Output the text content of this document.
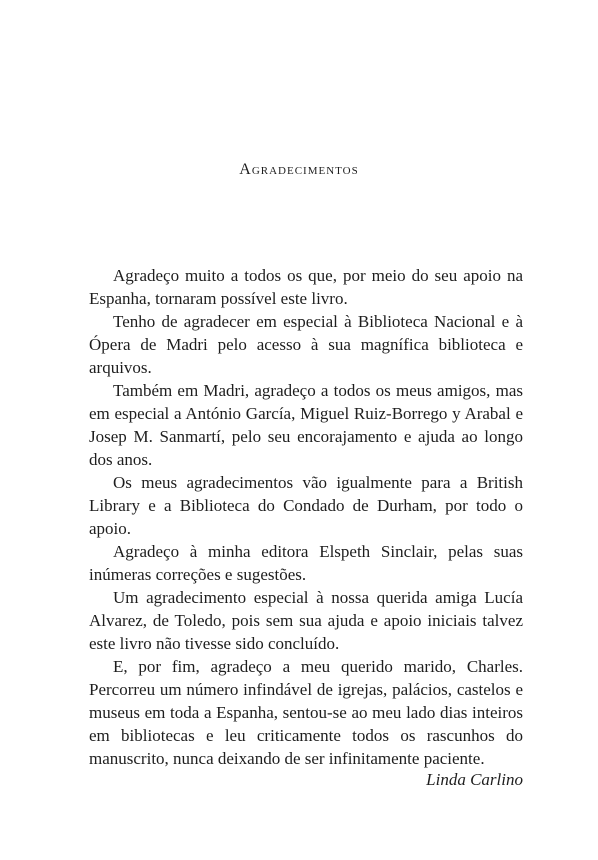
Agradecimentos

Agradeço muito a todos os que, por meio do seu apoio na Espanha, tornaram possível este livro.

Tenho de agradecer em especial à Biblioteca Nacional e à Ópera de Madri pelo acesso à sua magnífica biblioteca e arquivos.

Também em Madri, agradeço a todos os meus amigos, mas em especial a António García, Miguel Ruiz-Borrego y Arabal e Josep M. Sanmartí, pelo seu encorajamento e ajuda ao longo dos anos.

Os meus agradecimentos vão igualmente para a British Library e a Biblioteca do Condado de Durham, por todo o apoio.

Agradeço à minha editora Elspeth Sinclair, pelas suas inúmeras correções e sugestões.

Um agradecimento especial à nossa querida amiga Lucía Alvarez, de Toledo, pois sem sua ajuda e apoio iniciais talvez este livro não tivesse sido concluído.

E, por fim, agradeço a meu querido marido, Charles. Percorreu um número infindável de igrejas, palácios, castelos e museus em toda a Espanha, sentou-se ao meu lado dias inteiros em bibliotecas e leu criticamente todos os rascunhos do manuscrito, nunca deixando de ser infinitamente paciente.

Linda Carlino
